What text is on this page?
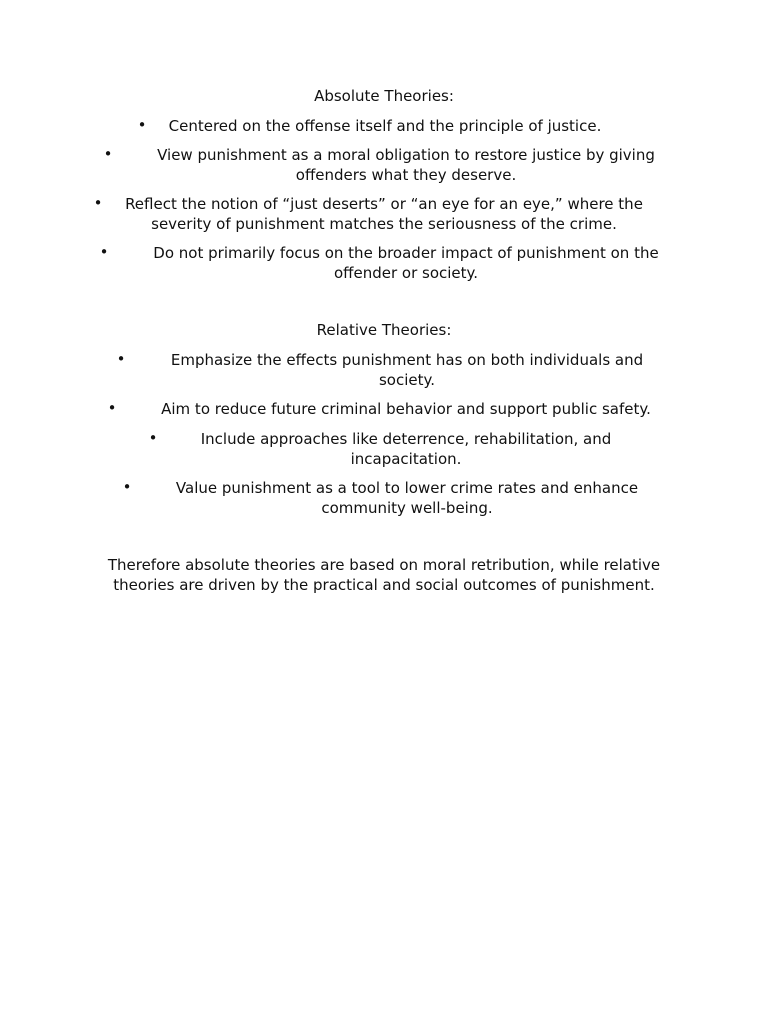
Absolute Theories:
•	Centered on the offense itself and the principle of justice.
•	View punishment as a moral obligation to restore justice by giving
offenders what they deserve.
•	Reflect the notion of “just deserts” or “an eye for an eye,” where the
severity of punishment matches the seriousness of the crime.
•	Do not primarily focus on the broader impact of punishment on the
offender or society.
Relative Theories:
•	Emphasize the effects punishment has on both individuals and
society.
•	Aim to reduce future criminal behavior and support public safety.
•	Include approaches like deterrence, rehabilitation, and
incapacitation.
•	Value punishment as a tool to lower crime rates and enhance
community well-being.
Therefore absolute theories are based on moral retribution, while relative
theories are driven by the practical and social outcomes of punishment.
